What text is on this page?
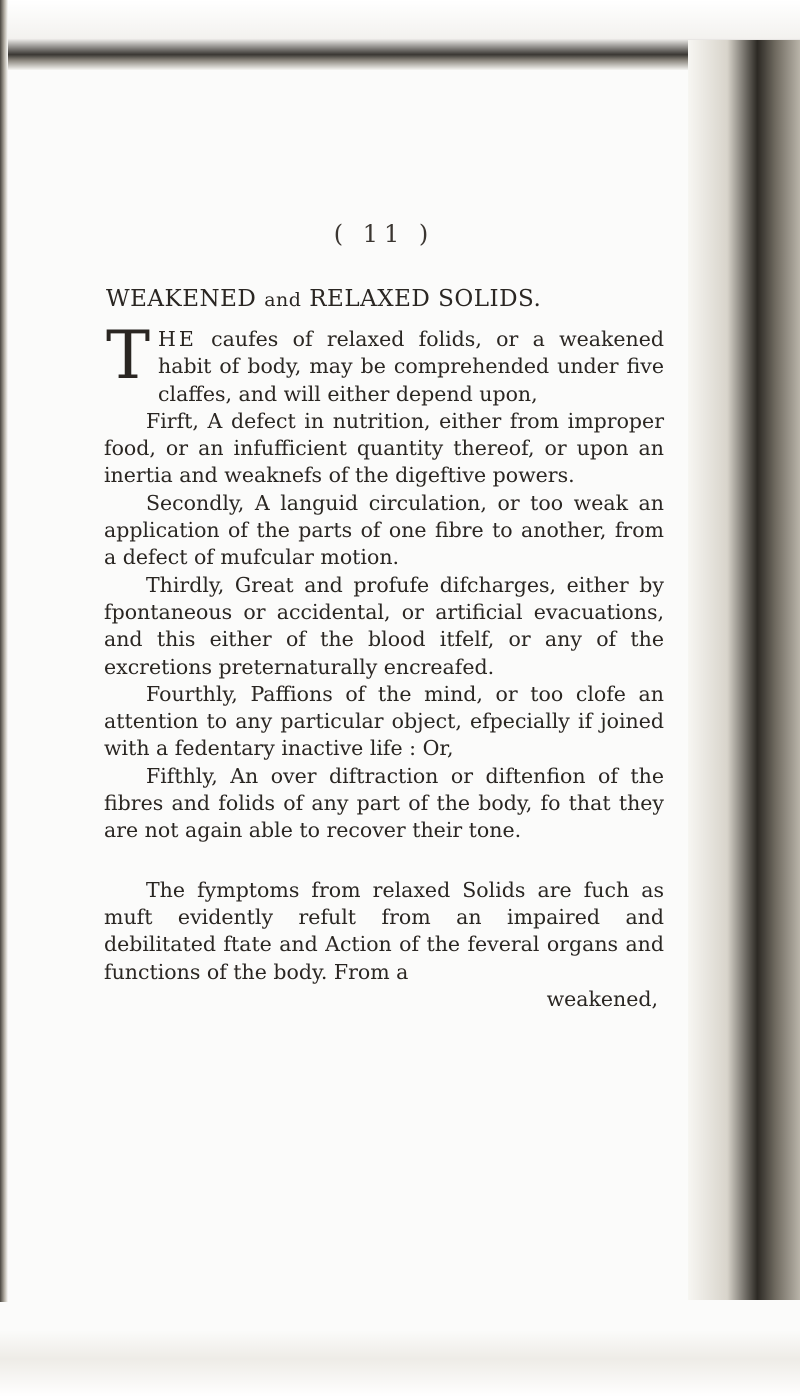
( 11 )
WEAKENED and RELAXED SOLIDS.

THE caufes of relaxed folids, or a weakened habit of body, may be comprehended under five claffes, and will either depend upon,

Firft, A defect in nutrition, either from improper food, or an infufficient quantity thereof, or upon an inertia and weaknefs of the digeftive powers.

Secondly, A languid circulation, or too weak an application of the parts of one fibre to another, from a defect of mufcular motion.

Thirdly, Great and profufe difcharges, either by fpontaneous or accidental, or artificial evacuations, and this either of the blood itfelf, or any of the excretions preternaturally encreafed.

Fourthly, Paffions of the mind, or too clofe an attention to any particular object, efpecially if joined with a fedentary inactive life : Or,

Fifthly, An over diftraction or diftenfion of the fibres and folids of any part of the body, fo that they are not again able to recover their tone.

The fymptoms from relaxed Solids are fuch as muft evidently refult from an impaired and debilitated ftate and Action of the feveral organs and functions of the body. From a

weakened,
